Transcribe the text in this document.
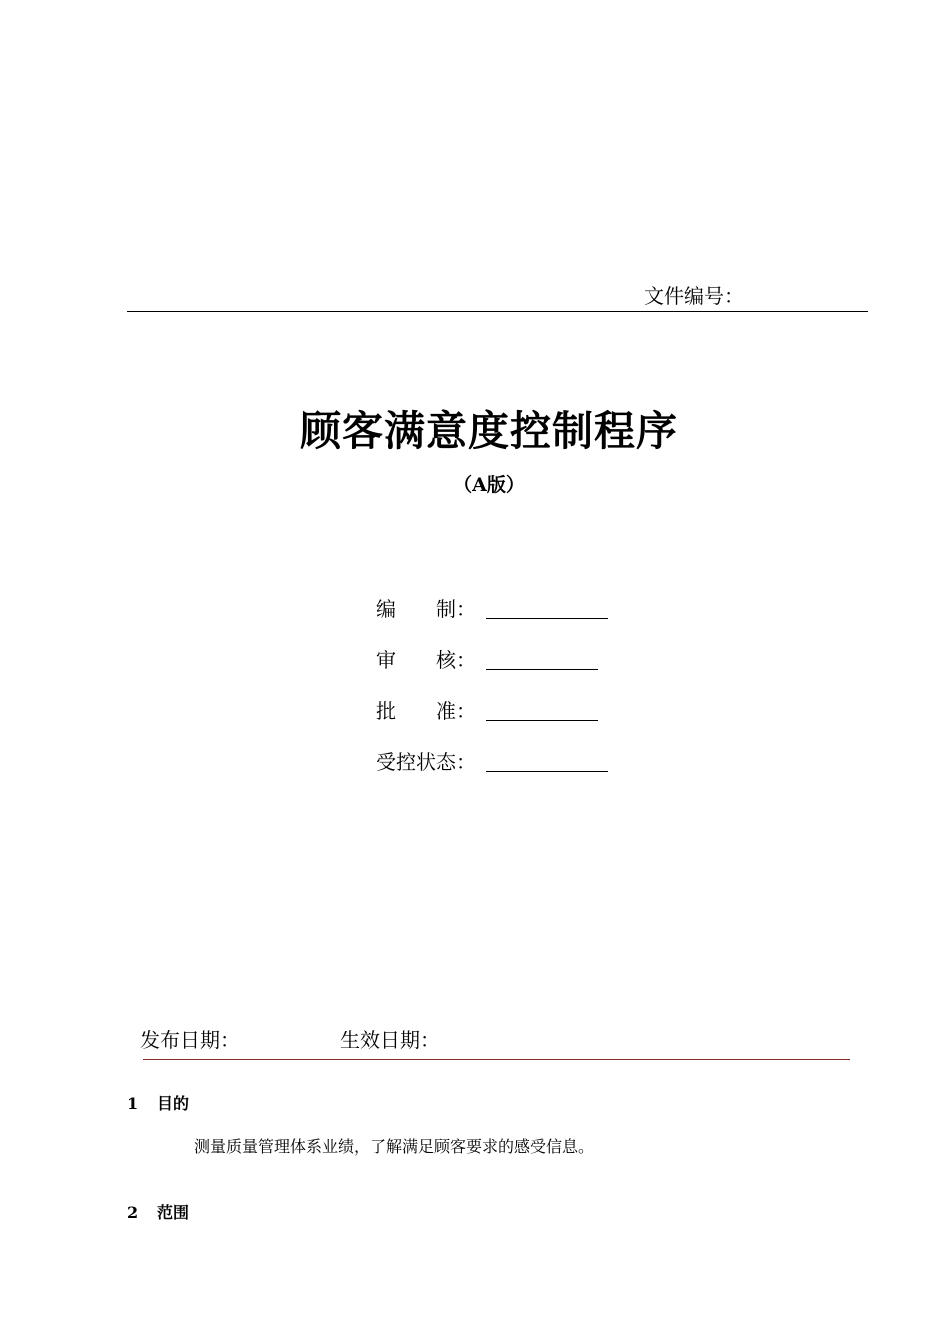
文件编号：
顾客满意度控制程序
（A版）
编　　制：
审　　核：
批　　准：
受控状态：
发布日期：	生效日期：
1 目的
测量质量管理体系业绩，了解满足顾客要求的感受信息。
2 范围
